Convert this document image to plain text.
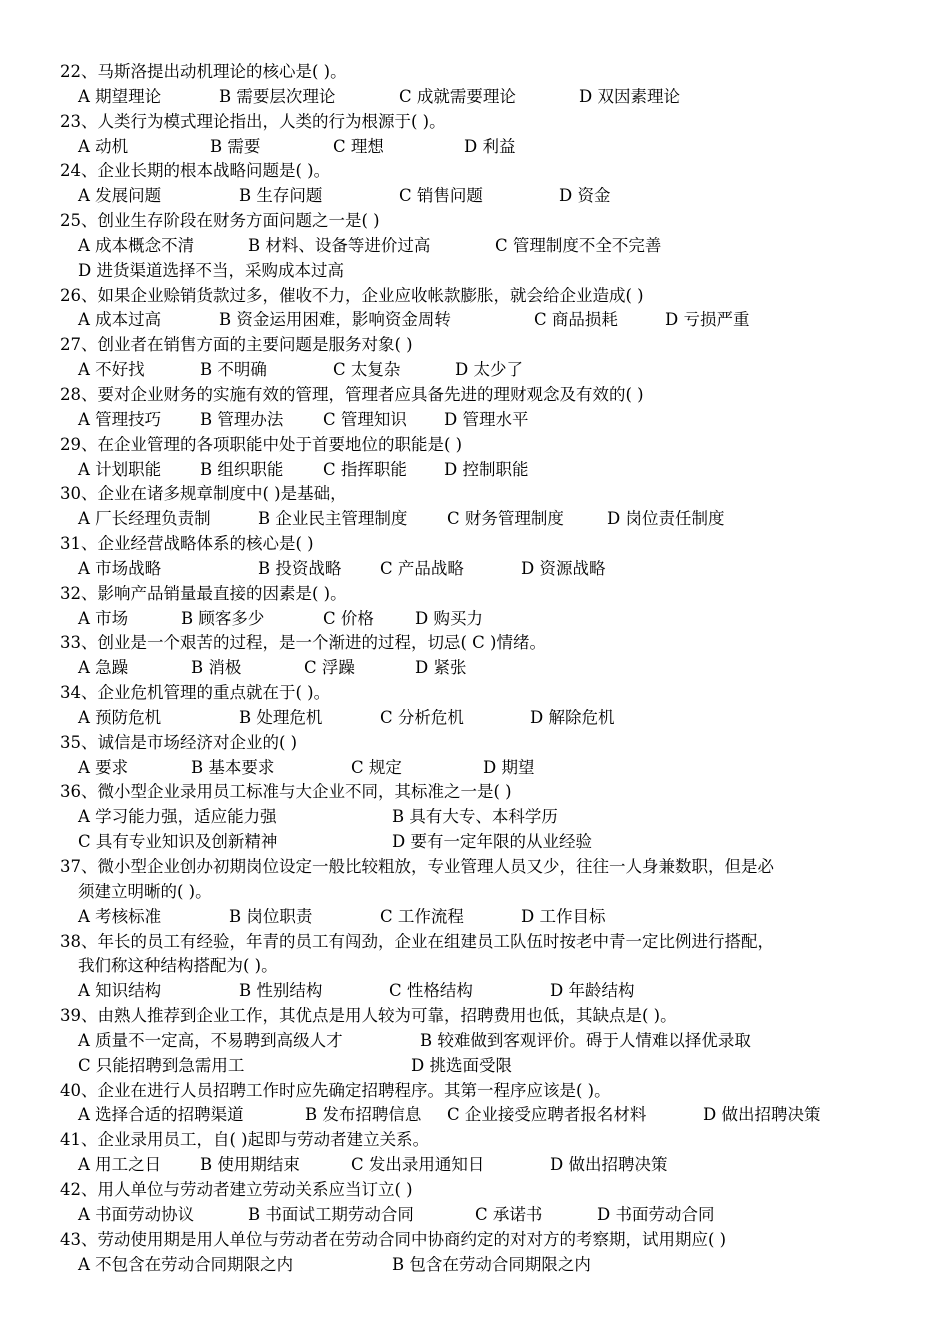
22、马斯洛提出动机理论的核心是( )。
A 期望理论	B 需要层次理论	C 成就需要理论	D 双因素理论
23、人类行为模式理论指出，人类的行为根源于( )。
A 动机	B 需要	C 理想	D 利益
24、企业长期的根本战略问题是( )。
A 发展问题	B 生存问题	C 销售问题	D 资金
25、创业生存阶段在财务方面问题之一是( )
A 成本概念不清	B 材料、设备等进价过高	C 管理制度不全不完善
D 进货渠道选择不当，采购成本过高
26、如果企业赊销货款过多，催收不力，企业应收帐款膨胀，就会给企业造成( )
A 成本过高	B 资金运用困难，影响资金周转	C 商品损耗	D 亏损严重
27、创业者在销售方面的主要问题是服务对象( )
A 不好找	B 不明确	C 太复杂	D 太少了
28、要对企业财务的实施有效的管理，管理者应具备先进的理财观念及有效的( )
A 管理技巧 B 管理办法 C 管理知识 D 管理水平
29、在企业管理的各项职能中处于首要地位的职能是( )
A 计划职能 B 组织职能 C 指挥职能 D 控制职能
30、企业在诸多规章制度中( )是基础，
A 厂长经理负责制	B 企业民主管理制度 C 财务管理制度	D 岗位责任制度
31、企业经营战略体系的核心是( )
A 市场战略	B 投资战略 C 产品战略	D 资源战略
32、影响产品销量最直接的因素是( )。
A 市场	B 顾客多少	C 价格 D 购买力
33、创业是一个艰苦的过程，是一个渐进的过程，切忌( C )情绪。
A 急躁	B 消极	C 浮躁	D 紧张
34、企业危机管理的重点就在于( )。
A 预防危机	B 处理危机	C 分析危机	D 解除危机
35、诚信是市场经济对企业的( )
A 要求	B 基本要求	C 规定	D 期望
36、微小型企业录用员工标准与大企业不同，其标准之一是( )
A 学习能力强，适应能力强	B 具有大专、本科学历
C 具有专业知识及创新精神	D 要有一定年限的从业经验
37、微小型企业创办初期岗位设定一般比较粗放，专业管理人员又少，往往一人身兼数职，但是必
须建立明晰的( )。
A 考核标准	B 岗位职责	C 工作流程	D 工作目标
38、年长的员工有经验，年青的员工有闯劲，企业在组建员工队伍时按老中青一定比例进行搭配，
我们称这种结构搭配为( )。
A 知识结构	B 性别结构	C 性格结构	D 年龄结构
39、由熟人推荐到企业工作，其优点是用人较为可靠，招聘费用也低，其缺点是( )。
A 质量不一定高，不易聘到高级人才	B 较难做到客观评价。碍于人情难以择优录取
C 只能招聘到急需用工	D 挑选面受限
40、企业在进行人员招聘工作时应先确定招聘程序。其第一程序应该是( )。
A 选择合适的招聘渠道	B 发布招聘信息 C 企业接受应聘者报名材料	D 做出招聘决策
41、企业录用员工，自( )起即与劳动者建立关系。
A 用工之日 B 使用期结束	C 发出录用通知日	D 做出招聘决策
42、用人单位与劳动者建立劳动关系应当订立( )
A 书面劳动协议	B 书面试工期劳动合同	C 承诺书	D 书面劳动合同
43、劳动使用期是用人单位与劳动者在劳动合同中协商约定的对对方的考察期，试用期应( )
A 不包含在劳动合同期限之内	B 包含在劳动合同期限之内
